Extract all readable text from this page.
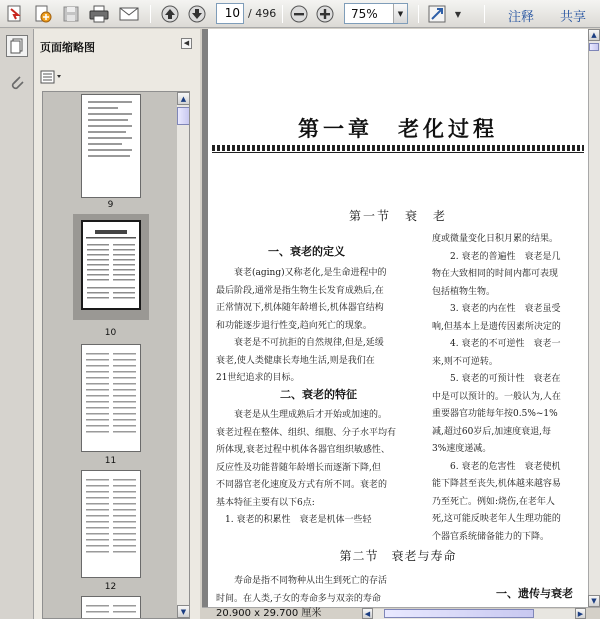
10 / 496	75%	▼	▼	注释 共享
页面缩略图	◀
9
10
11
12
▲
▼
第一章　老化过程
第一节　衰　老
一、衰老的定义
　　衰老(aging)又称老化,是生命进程中的
最后阶段,通常是指生物生长发育成熟后,在
正常情况下,机体随年龄增长,机体器官结构
和功能逐步退行性变,趋向死亡的现象。
　　衰老是不可抗拒的自然规律,但是,延缓
衰老,使人类健康长寿地生活,则是我们在
21世纪追求的目标。
二、衰老的特征
　　衰老是从生理成熟后才开始或加速的。
衰老过程在整体、组织、细胞、分子水平均有
所体现,衰老过程中机体各器官组织敏感性、
反应性及功能普随年龄增长而逐渐下降,但
不同器官老化速度及方式有所不同。衰老的
基本特征主要有以下6点:
　1. 衰老的积累性　衰老是机体一些轻
度或微量变化日积月累的结果。
　　2. 衰老的普遍性　衰老是几
物在大致相同的时间内都可表现
包括植物生物。
　　3. 衰老的内在性　衰老虽受
响,但基本上是遗传因素所决定的
　　4. 衰老的不可逆性　衰老一
来,则不可逆转。
　　5. 衰老的可预计性　衰老在
中是可以预计的。一般认为,人在
重要器官功能每年按0.5%~1%
减,超过60岁后,加速度衰退,每
3%速度递减。
　　6. 衰老的危害性　衰老使机
能下降甚至丧失,机体越来越容易
乃至死亡。例如:烧伤,在老年人
死,这可能反映老年人生理功能的
个器官系统储备能力的下降。
第二节　衰老与寿命
　　寿命是指不同物种从出生到死亡的存活
时间。在人类,子女的寿命多与双亲的寿命	一、遗传与衰老
▲
▼
20.900 x 29.700 厘米	◀	▶
